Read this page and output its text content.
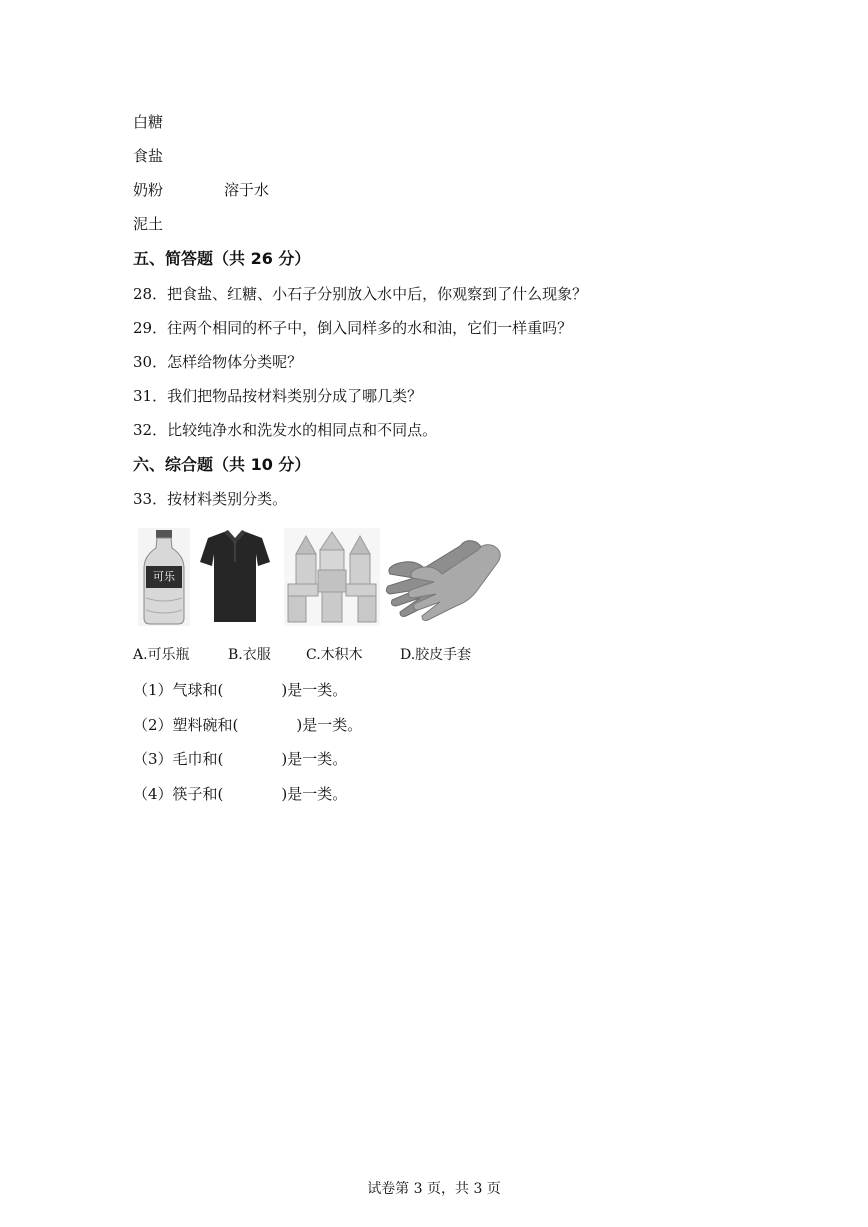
白糖
食盐
奶粉	溶于水
泥土
五、简答题（共 26 分）
28．把食盐、红糖、小石子分别放入水中后，你观察到了什么现象？
29．往两个相同的杯子中，倒入同样多的水和油，它们一样重吗？
30．怎样给物体分类呢？
31．我们把物品按材料类别分成了哪几类？
32．比较纯净水和洗发水的相同点和不同点。
六、综合题（共 10 分）
33．按材料类别分类。
可乐
A.可乐瓶	B.衣服	C.木积木	D.胶皮手套
（1）气球和(	)是一类。
（2）塑料碗和(	)是一类。
（3）毛巾和(	)是一类。
（4）筷子和(	)是一类。
试卷第 3 页，共 3 页
